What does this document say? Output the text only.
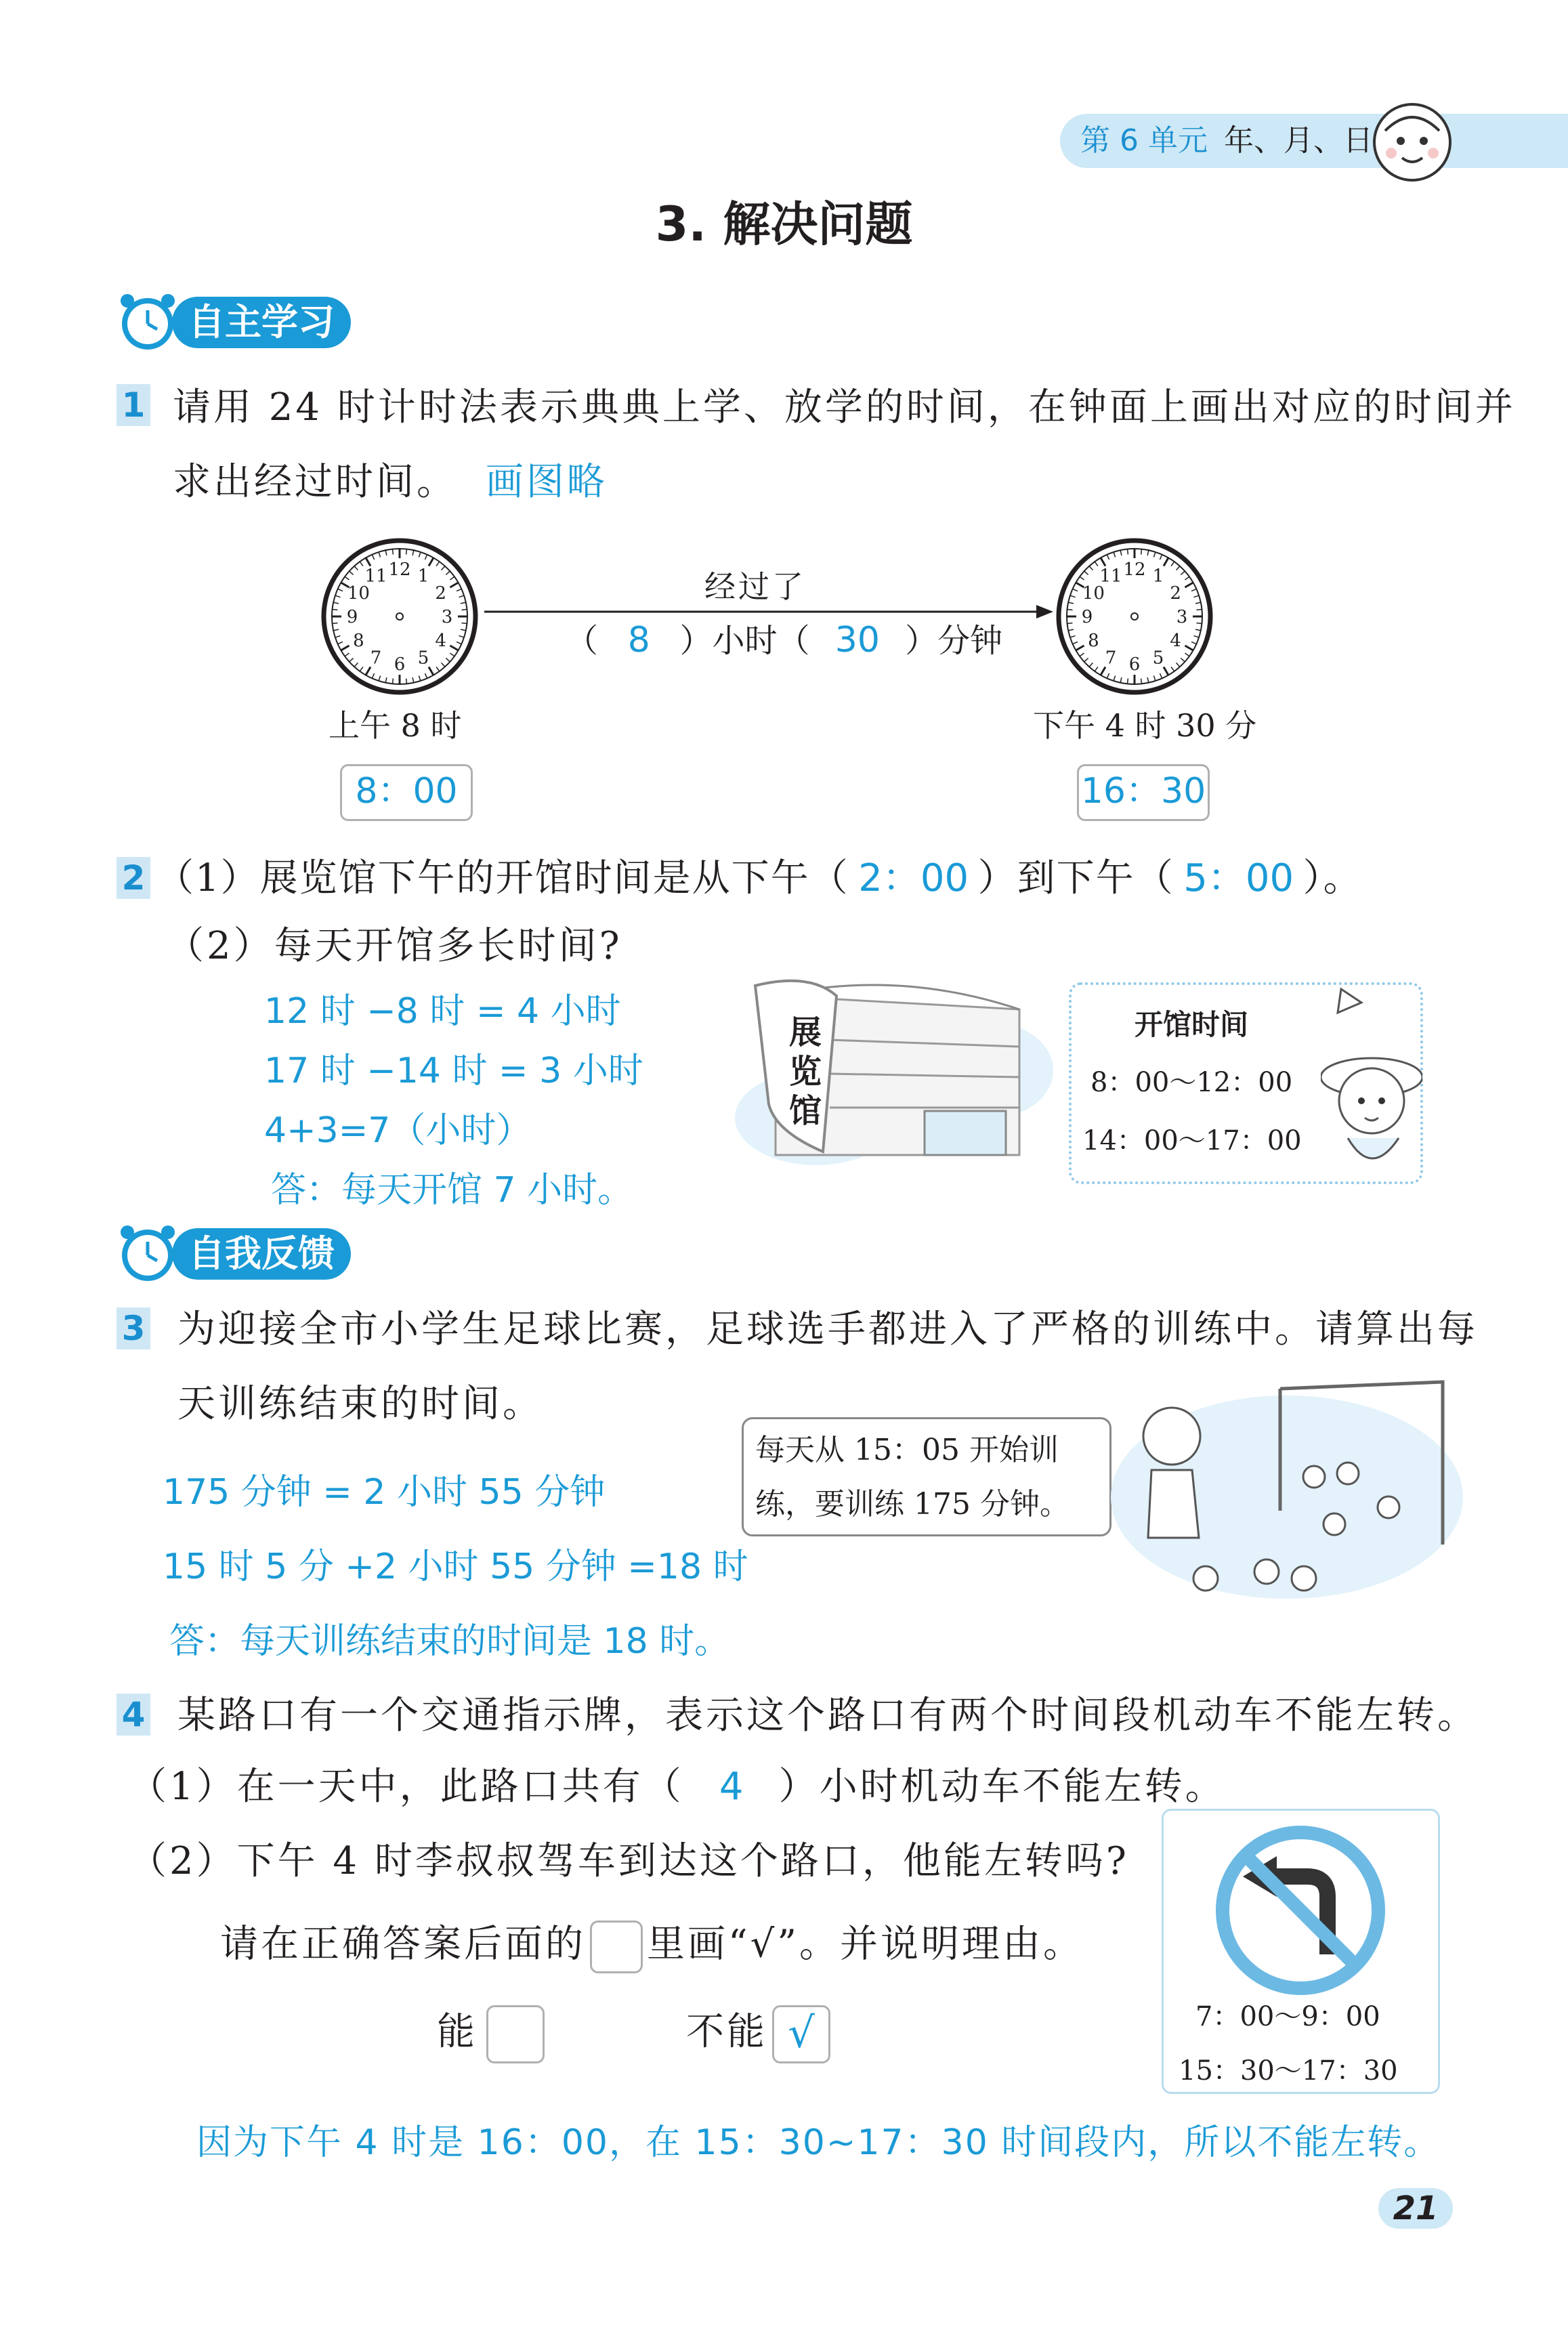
第 6 单元 年、月、日
3. 解决问题
自主学习
1 请用 24 时计时法表示典典上学、放学的时间，在钟面上画出对应的时间并
求出经过时间。 画图略
12 1
2
3
4
5
6
7
8
9
10
11	12 1
2
3
4
5
6
7
8
9
10
11
经过了
（ 8 ）小时（ 30 ）分钟
上午 8 时	下午 4 时 30 分
8：00	16：30
2 （1）展览馆下午的开馆时间是从下午（ 2：00 ）到下午（ 5：00 ）。
（2）每天开馆多长时间?
12 时 −8 时 = 4 小时
17 时 −14 时 = 3 小时
4+3=7（小时）
答：每天开馆 7 小时。
展览馆
开馆时间
8：00～12：00
14：00～17：00
自我反馈
3 为迎接全市小学生足球比赛，足球选手都进入了严格的训练中。请算出每
天训练结束的时间。
每天从 15：05 开始训
练，要训练 175 分钟。
175 分钟 = 2 小时 55 分钟
15 时 5 分 +2 小时 55 分钟 =18 时
答：每天训练结束的时间是 18 时。
4 某路口有一个交通指示牌，表示这个路口有两个时间段机动车不能左转。
（1）在一天中，此路口共有（ 4 ）小时机动车不能左转。
（2）下午 4 时李叔叔驾车到达这个路口，他能左转吗?
请在正确答案后面的 里画“√”。并说明理由。
能	不能 √	7：00～9：00
15：30～17：30
因为下午 4 时是 16：00，在 15：30~17：30 时间段内，所以不能左转。
21
